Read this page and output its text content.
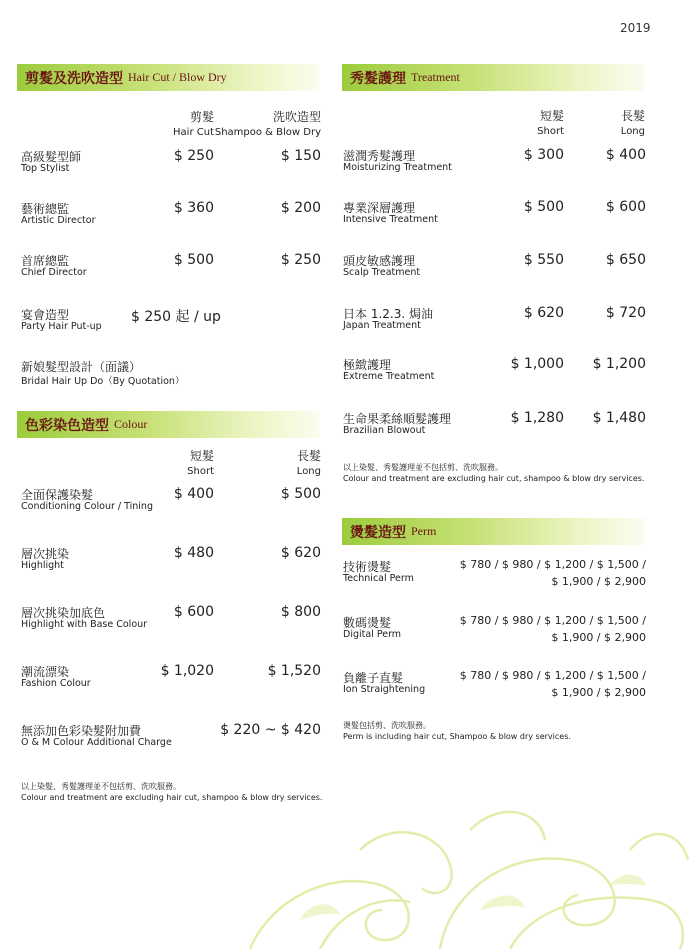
2019
剪髮及洗吹造型 Hair Cut / Blow Dry
剪髮
Hair Cut
洗吹造型
Shampoo & Blow Dry
高級髮型師
Top Stylist
$ 250	$ 150
藝術總監
Artistic Director
$ 360	$ 200
首席總監
Chief Director
$ 500	$ 250
宴會造型
Party Hair Put-up
$ 250 起 / up
新娘髮型設計（面議）
Bridal Hair Up Do（By Quotation）
色彩染色造型 Colour
短髮
Short
長髮
Long
全面保護染髮
Conditioning Colour / Tining
$ 400	$ 500
層次挑染
Highlight
$ 480	$ 620
層次挑染加底色
Highlight with Base Colour
$ 600	$ 800
潮流漂染
Fashion Colour
$ 1,020	$ 1,520
無添加色彩染髮附加費
O & M Colour Additional Charge
$ 220 ~ $ 420
以上染髮、秀髮護理並不包括剪、洗吹服務。
Colour and treatment are excluding hair cut, shampoo & blow dry services.
秀髮護理 Treatment
短髮
Short
長髮
Long
滋潤秀髮護理
Moisturizing Treatment
$ 300	$ 400
專業深層護理
Intensive Treatment
$ 500	$ 600
頭皮敏感護理
Scalp Treatment
$ 550	$ 650
日本 1.2.3. 焗油
Japan Treatment
$ 620	$ 720
極緻護理
Extreme Treatment
$ 1,000 $ 1,200
生命果柔絲順髮護理
Brazilian Blowout
$ 1,280 $ 1,480
以上染髮、秀髮護理並不包括剪、洗吹服務。
Colour and treatment are excluding hair cut, shampoo & blow dry services.
燙髮造型 Perm
技術燙髮
Technical Perm
$ 780 / $ 980 / $ 1,200 / $ 1,500 /
$ 1,900 / $ 2,900
數碼燙髮
Digital Perm
$ 780 / $ 980 / $ 1,200 / $ 1,500 /
$ 1,900 / $ 2,900
負離子直髮
Ion Straightening
$ 780 / $ 980 / $ 1,200 / $ 1,500 /
$ 1,900 / $ 2,900
燙髮包括剪、洗吹服務。
Perm is including hair cut, Shampoo & blow dry services.
